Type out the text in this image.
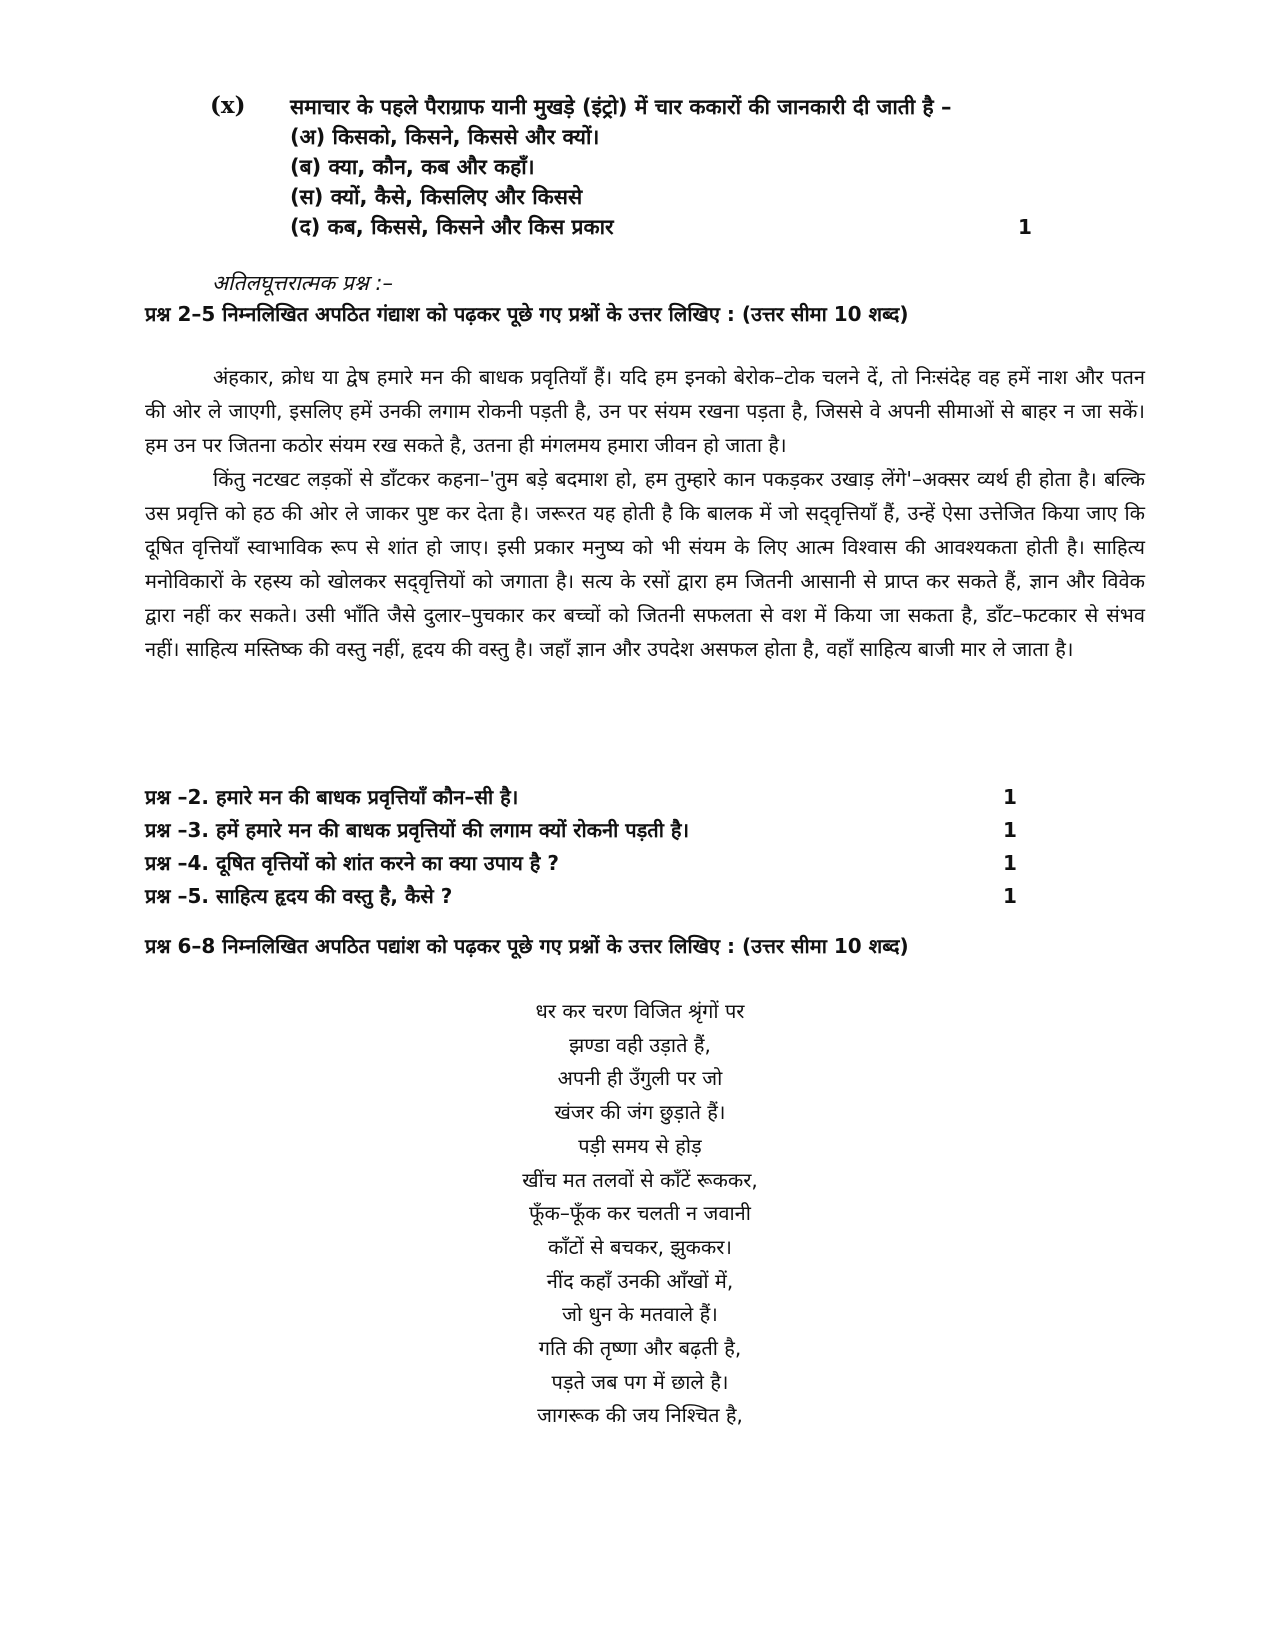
(x) समाचार के पहले पैराग्राफ यानी मुखड़े (इंट्रो) में चार ककारों की जानकारी दी जाती है –
(अ) किसको, किसने, किससे और क्यों।
(ब) क्या, कौन, कब और कहाँ।
(स) क्यों, कैसे, किसलिए और किससे
(द) कब, किससे, किसने और किस प्रकार	1
अतिलघूत्तरात्मक प्रश्न :–
प्रश्न 2–5 निम्नलिखित अपठित गंद्याश को पढ़कर पूछे गए प्रश्नों के उत्तर लिखिए : (उत्तर सीमा 10 शब्द)

अंहकार, क्रोध या द्वेष हमारे मन की बाधक प्रवृतियाँ हैं। यदि हम इनको बेरोक–टोक चलने दें, तो निःसंदेह वह हमें नाश और पतन की ओर ले जाएगी, इसलिए हमें उनकी लगाम रोकनी पड़ती है, उन पर संयम रखना पड़ता है, जिससे वे अपनी सीमाओं से बाहर न जा सकें। हम उन पर जितना कठोर संयम रख सकते है, उतना ही मंगलमय हमारा जीवन हो जाता है।

किंतु नटखट लड़कों से डाँटकर कहना–'तुम बड़े बदमाश हो, हम तुम्हारे कान पकड़कर उखाड़ लेंगे'–अक्सर व्यर्थ ही होता है। बल्कि उस प्रवृत्ति को हठ की ओर ले जाकर पुष्ट कर देता है। जरूरत यह होती है कि बालक में जो सद्‌वृत्तियाँ हैं, उन्हें ऐसा उत्तेजित किया जाए कि दूषित वृत्तियाँ स्वाभाविक रूप से शांत हो जाए। इसी प्रकार मनुष्य को भी संयम के लिए आत्म विश्वास की आवश्यकता होती है। साहित्य मनोविकारों के रहस्य को खोलकर सद्‌वृत्तियों को जगाता है। सत्य के रसों द्वारा हम जितनी आसानी से प्राप्त कर सकते हैं, ज्ञान और विवेक द्वारा नहीं कर सकते। उसी भाँति जैसे दुलार–पुचकार कर बच्चों को जितनी सफलता से वश में किया जा सकता है, डाँट–फटकार से संभव नहीं। साहित्य मस्तिष्क की वस्तु नहीं, हृदय की वस्तु है। जहाँ ज्ञान और उपदेश असफल होता है, वहाँ साहित्य बाजी मार ले जाता है।

प्रश्न –2. हमारे मन की बाधक प्रवृत्तियाँ कौन–सी है।	1
प्रश्न –3. हमें हमारे मन की बाधक प्रवृत्तियों की लगाम क्यों रोकनी पड़ती है।	1
प्रश्न –4. दूषित वृत्तियों को शांत करने का क्या उपाय है ?	1
प्रश्न –5. साहित्य हृदय की वस्तु है, कैसे ?	1
प्रश्न 6–8 निम्नलिखित अपठित पद्यांश को पढ़कर पूछे गए प्रश्नों के उत्तर लिखिए : (उत्तर सीमा 10 शब्द)
धर कर चरण विजित श्रृंगों पर
झण्डा वही उड़ाते हैं,
अपनी ही उँगुली पर जो
खंजर की जंग छुड़ाते हैं।
पड़ी समय से होड़
खींच मत तलवों से काँटें रूककर,
फूँक–फूँक कर चलती न जवानी
काँटों से बचकर, झुककर।
नींद कहाँ उनकी आँखों में,
जो धुन के मतवाले हैं।
गति की तृष्णा और बढ़ती है,
पड़ते जब पग में छाले है।
जागरूक की जय निश्चित है,
